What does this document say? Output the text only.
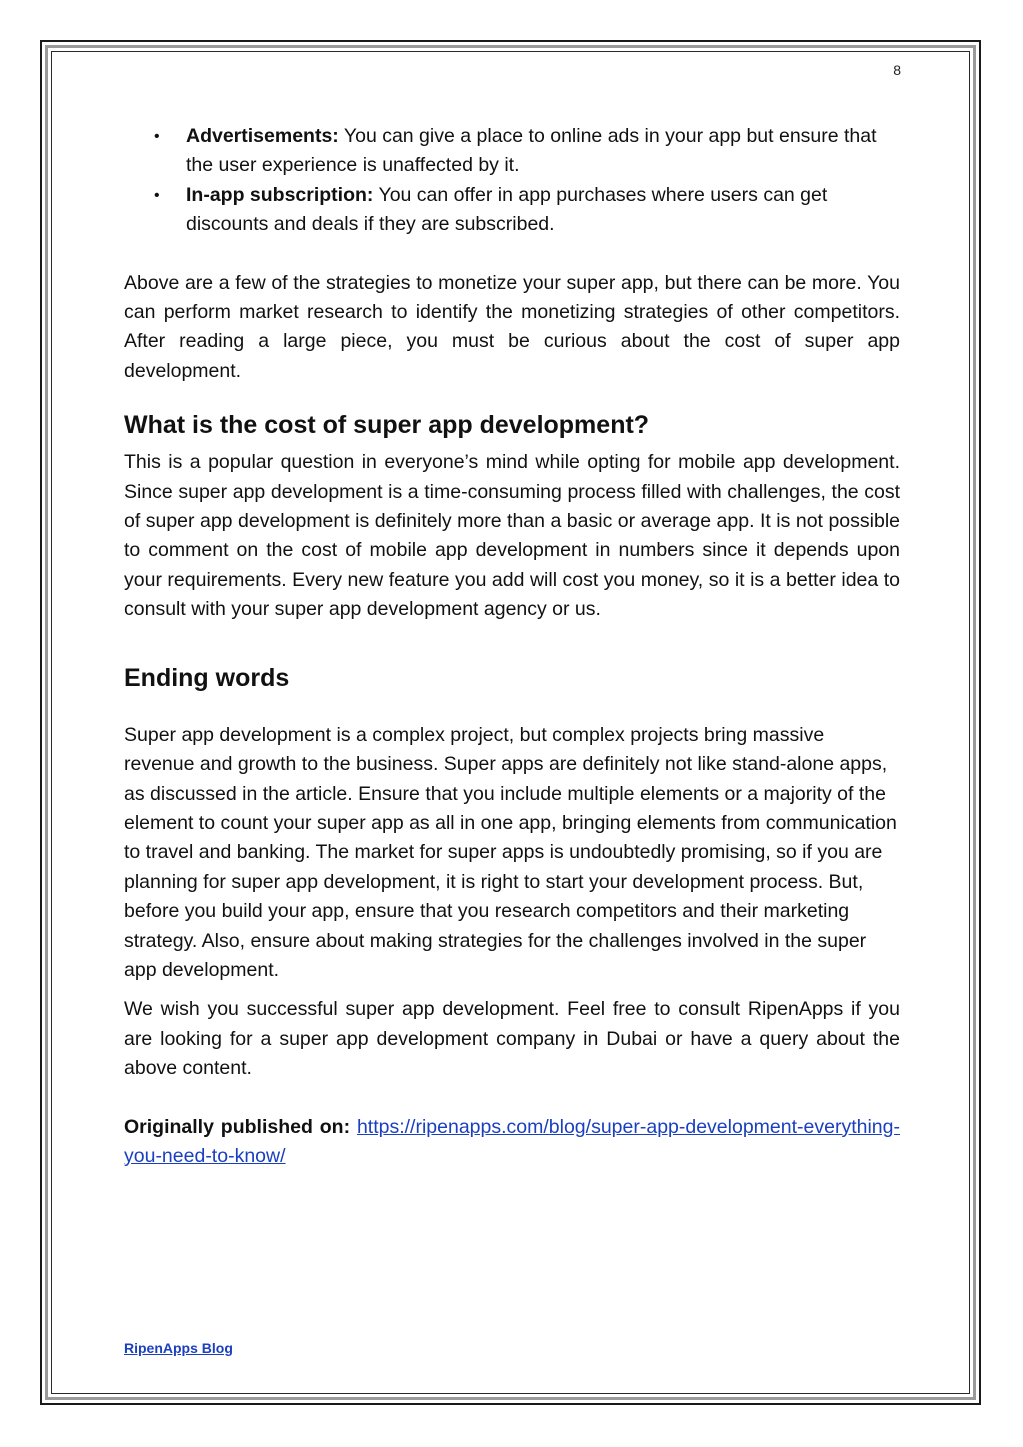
8
• Advertisements: You can give a place to online ads in your app but ensure that the user experience is unaffected by it.
• In-app subscription: You can offer in app purchases where users can get discounts and deals if they are subscribed.

Above are a few of the strategies to monetize your super app, but there can be more. You can perform market research to identify the monetizing strategies of other competitors. After reading a large piece, you must be curious about the cost of super app development.

What is the cost of super app development?

This is a popular question in everyone’s mind while opting for mobile app development. Since super app development is a time-consuming process filled with challenges, the cost of super app development is definitely more than a basic or average app. It is not possible to comment on the cost of mobile app development in numbers since it depends upon your requirements. Every new feature you add will cost you money, so it is a better idea to consult with your super app development agency or us.

Ending words

Super app development is a complex project, but complex projects bring massive revenue and growth to the business. Super apps are definitely not like stand-alone apps, as discussed in the article. Ensure that you include multiple elements or a majority of the element to count your super app as all in one app, bringing elements from communication to travel and banking. The market for super apps is undoubtedly promising, so if you are planning for super app development, it is right to start your development process. But, before you build your app, ensure that you research competitors and their marketing strategy. Also, ensure about making strategies for the challenges involved in the super app development.

We wish you successful super app development. Feel free to consult RipenApps if you are looking for a super app development company in Dubai or have a query about the above content.

Originally published on: https://ripenapps.com/blog/super-app-development-everything-you-need-to-know/

RipenApps Blog
